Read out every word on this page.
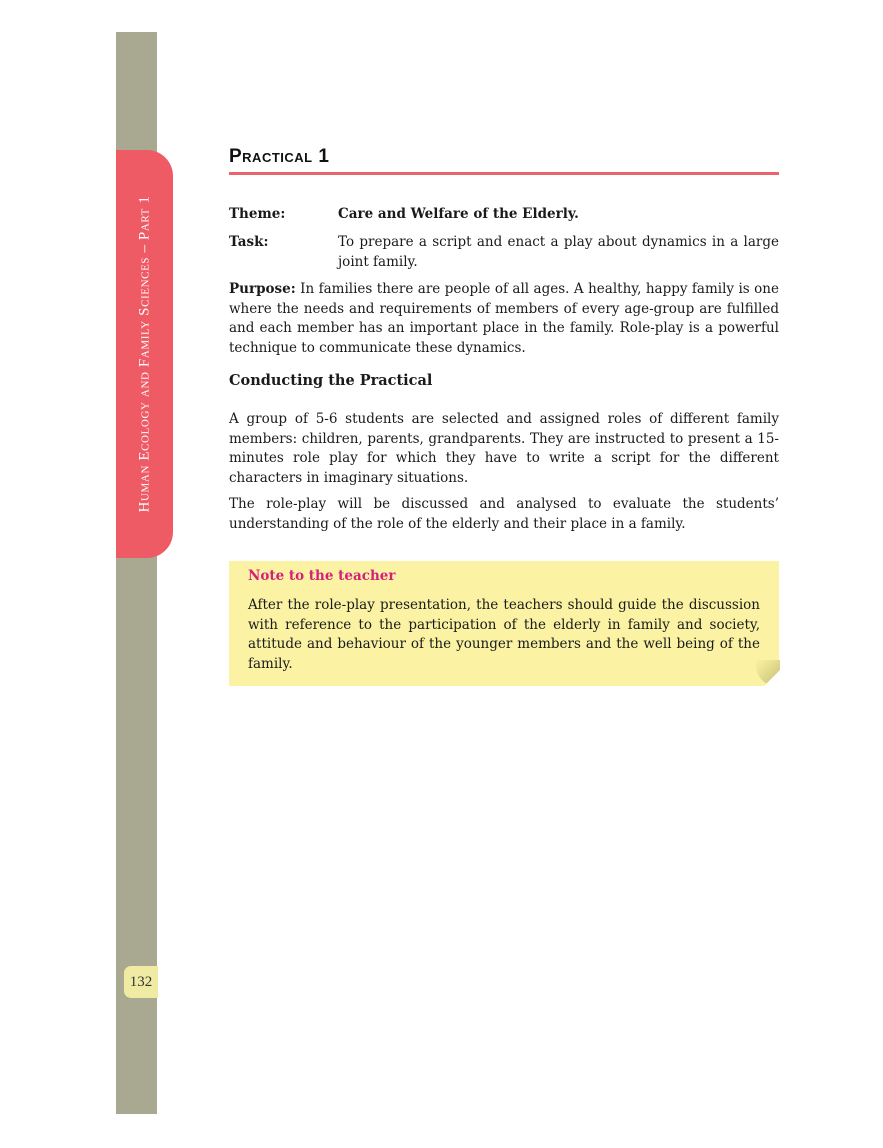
Human Ecology and Family Sciences – Part 1
132
Practical 1
Theme:	Care and Welfare of the Elderly.
Task:	To prepare a script and enact a play about dynamics in a large joint family.
Purpose: In families there are people of all ages. A healthy, happy family is one where the needs and requirements of members of every age-group are fulfilled and each member has an important place in the family. Role-play is a powerful technique to communicate these dynamics.
Conducting the Practical
A group of 5-6 students are selected and assigned roles of different family members: children, parents, grandparents. They are instructed to present a 15-minutes role play for which they have to write a script for the different characters in imaginary situations.
The role-play will be discussed and analysed to evaluate the students’ understanding of the role of the elderly and their place in a family.
Note to the teacher
After the role-play presentation, the teachers should guide the discussion with reference to the participation of the elderly in family and society, attitude and behaviour of the younger members and the well being of the family.
